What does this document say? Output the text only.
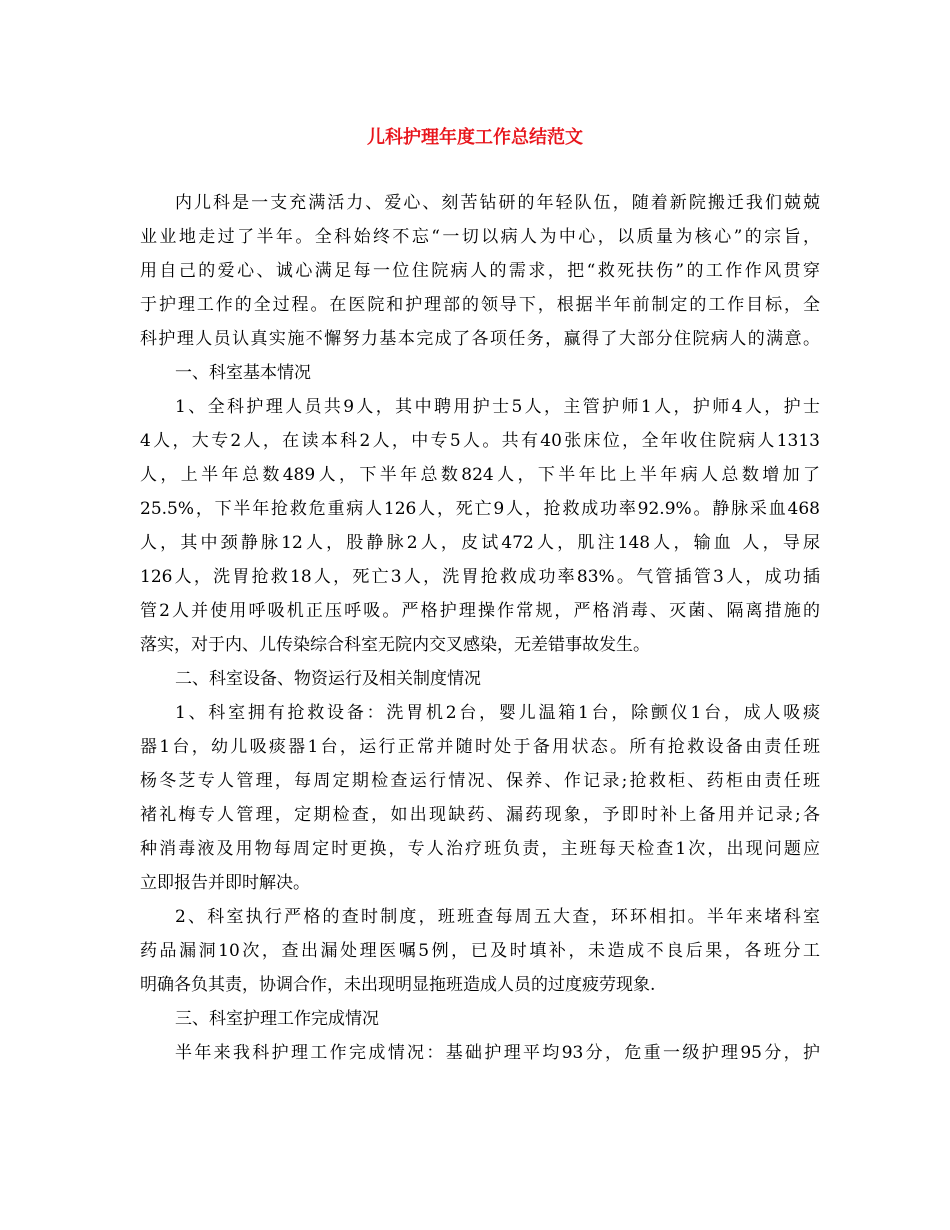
儿科护理年度工作总结范文
内儿科是一支充满活力、爱心、刻苦钻研的年轻队伍，随着新院搬迁我们兢兢
业业地走过了半年。全科始终不忘“一切以病人为中心，以质量为核心”的宗旨，
用自己的爱心、诚心满足每一位住院病人的需求，把“救死扶伤”的工作作风贯穿
于护理工作的全过程。在医院和护理部的领导下，根据半年前制定的工作目标，全
科护理人员认真实施不懈努力基本完成了各项任务，赢得了大部分住院病人的满意。
一、科室基本情况
1、全科护理人员共9人，其中聘用护士5人，主管护师1人，护师4人，护士
4人，大专2人，在读本科2人，中专5人。共有40张床位，全年收住院病人1313
人，上半年总数489人，下半年总数824人，下半年比上半年病人总数增加了
25.5%，下半年抢救危重病人126人，死亡9人，抢救成功率92.9%。静脉采血468
人，其中颈静脉12人，股静脉2人，皮试472人，肌注148人，输血 人，导尿
126人，洗胃抢救18人，死亡3人，洗胃抢救成功率83%。气管插管3人，成功插
管2人并使用呼吸机正压呼吸。严格护理操作常规，严格消毒、灭菌、隔离措施的
落实，对于内、儿传染综合科室无院内交叉感染，无差错事故发生。
二、科室设备、物资运行及相关制度情况
1、科室拥有抢救设备：洗胃机2台，婴儿温箱1台，除颤仪1台，成人吸痰
器1台，幼儿吸痰器1台，运行正常并随时处于备用状态。所有抢救设备由责任班
杨冬芝专人管理，每周定期检查运行情况、保养、作记录;抢救柜、药柜由责任班
褚礼梅专人管理，定期检查，如出现缺药、漏药现象，予即时补上备用并记录;各
种消毒液及用物每周定时更换，专人治疗班负责，主班每天检查1次，出现问题应
立即报告并即时解决。
2、科室执行严格的查时制度，班班查每周五大查，环环相扣。半年来堵科室
药品漏洞10次，查出漏处理医嘱5例，已及时填补，未造成不良后果，各班分工
明确各负其责，协调合作，未出现明显拖班造成人员的过度疲劳现象.
三、科室护理工作完成情况
半年来我科护理工作完成情况：基础护理平均93分，危重一级护理95分，护
